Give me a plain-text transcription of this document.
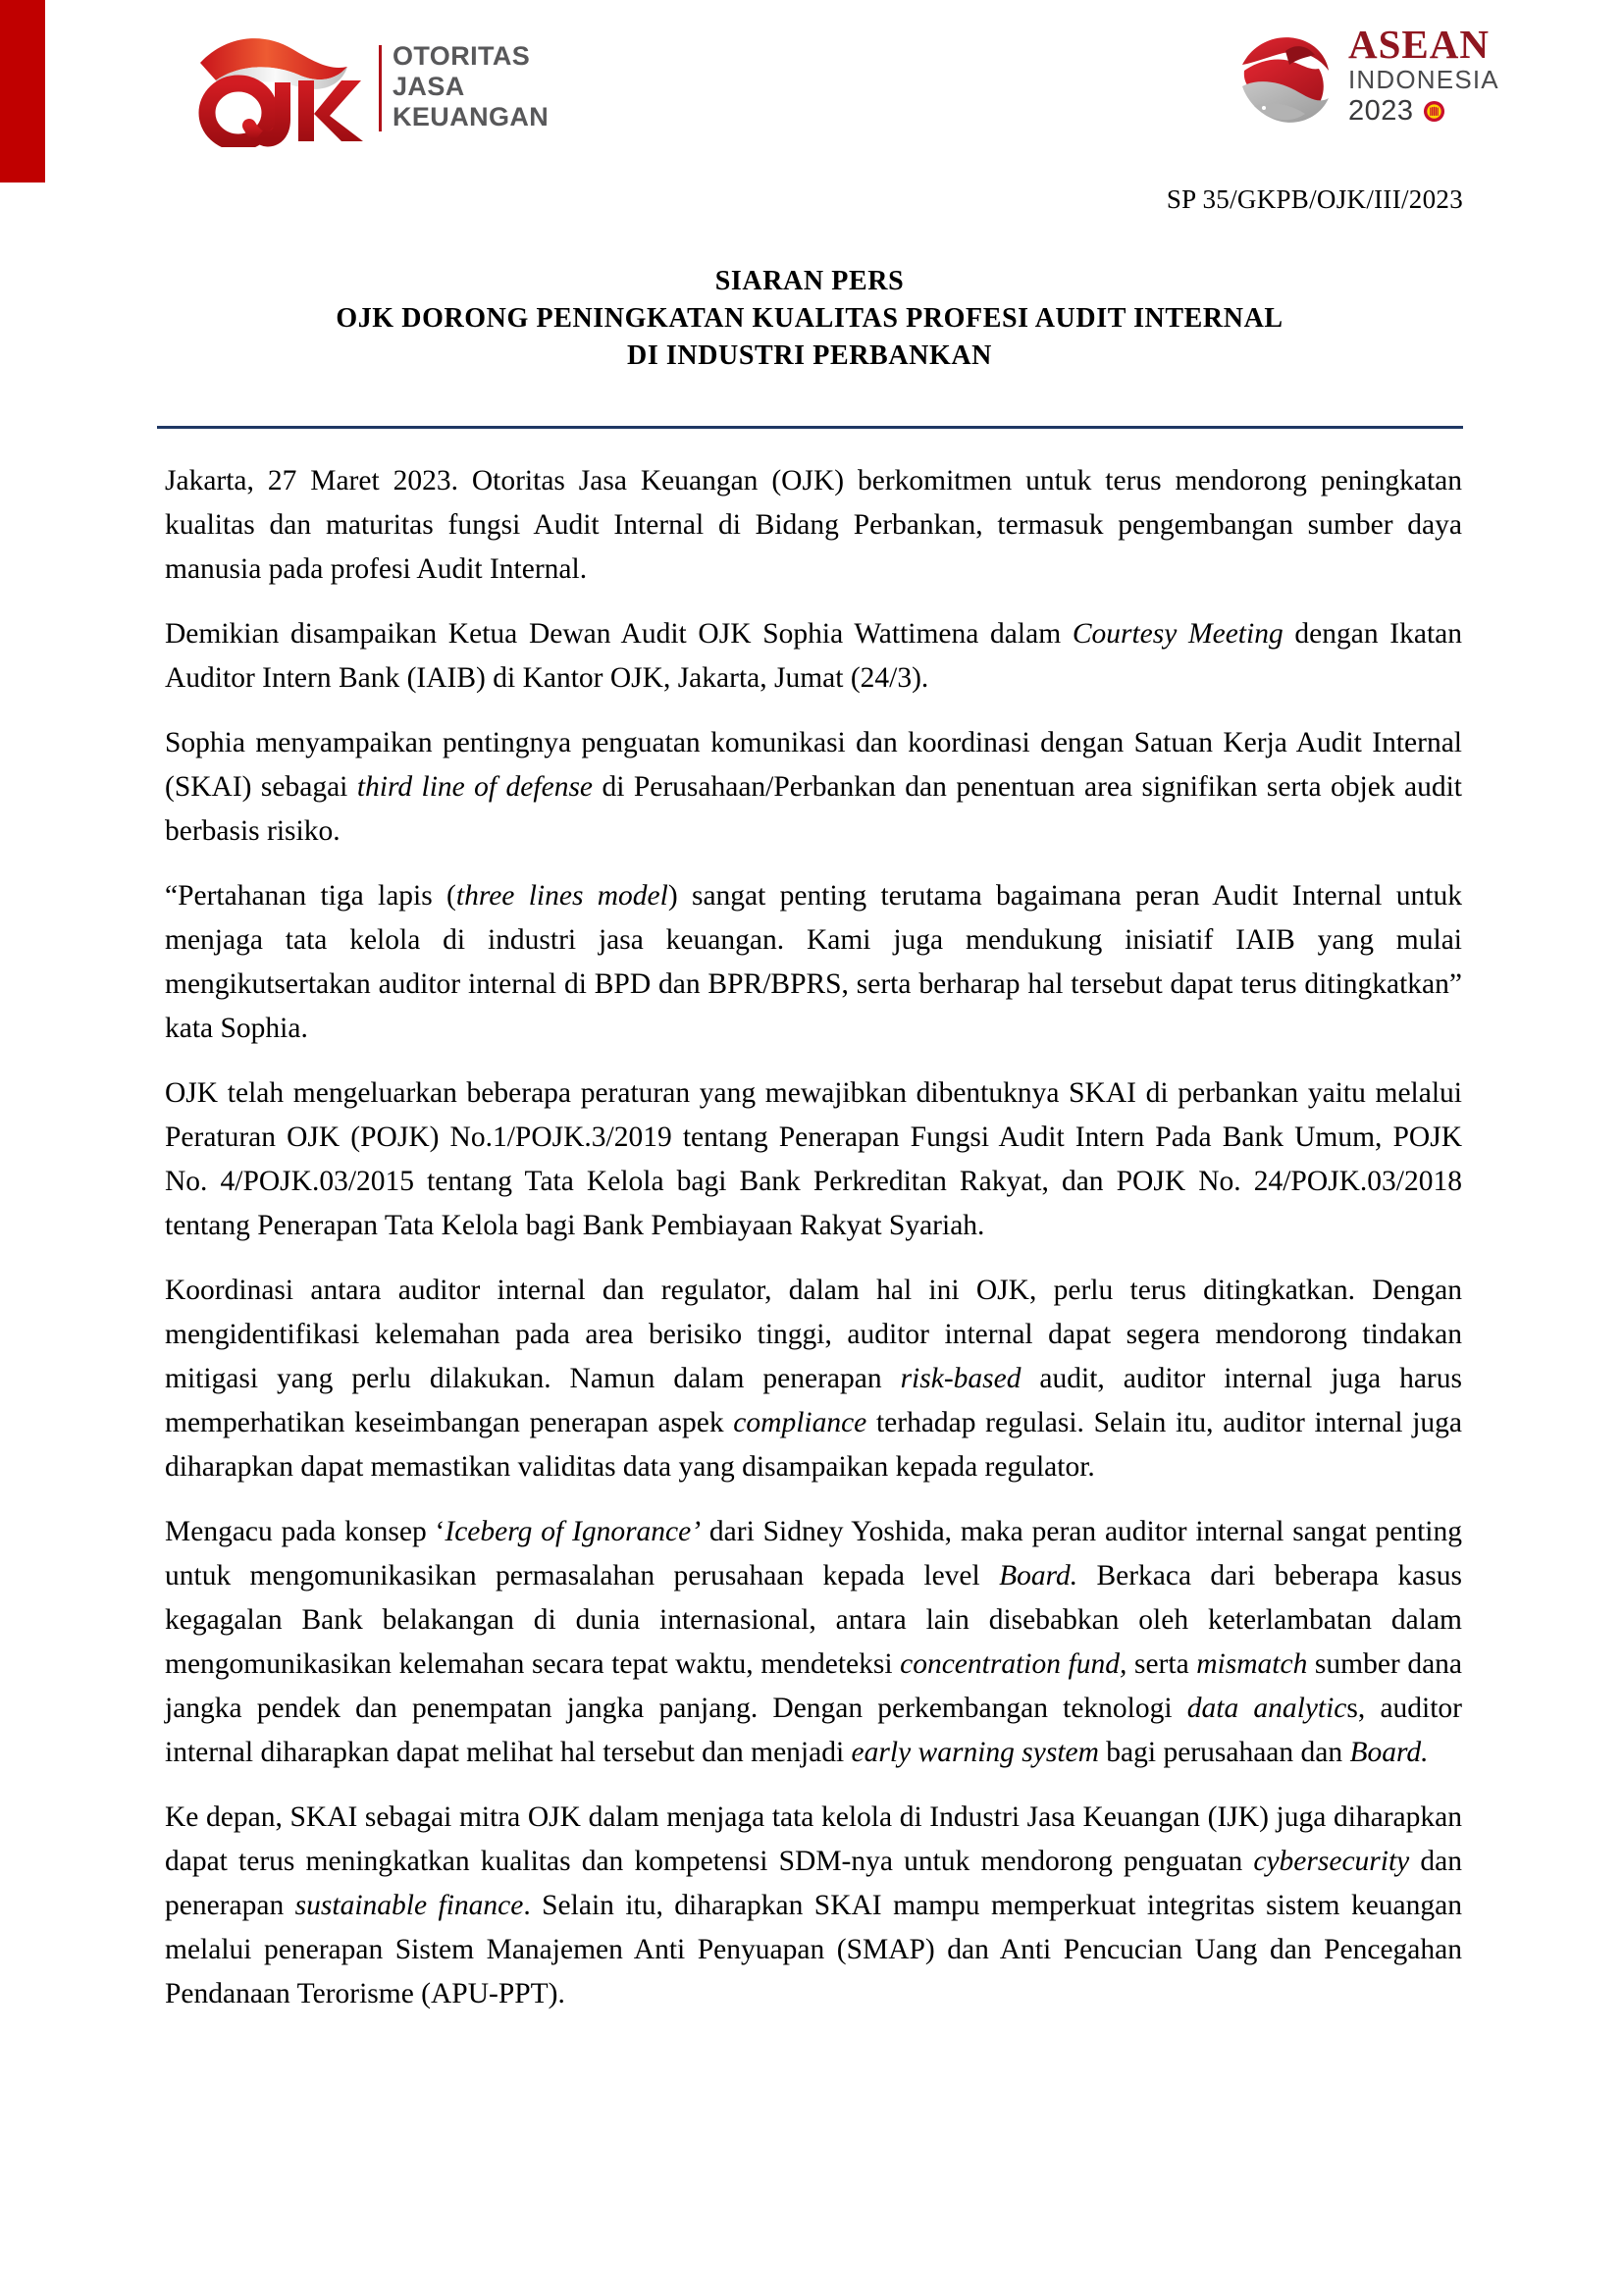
OTORITAS
JASA
KEUANGAN
ASEAN
INDONESIA
2023
SP 35/GKPB/OJK/III/2023
SIARAN PERS
OJK DORONG PENINGKATAN KUALITAS PROFESI AUDIT INTERNAL
DI INDUSTRI PERBANKAN

Jakarta, 27 Maret 2023. Otoritas Jasa Keuangan (OJK) berkomitmen untuk terus mendorong peningkatan kualitas dan maturitas fungsi Audit Internal di Bidang Perbankan, termasuk pengembangan sumber daya manusia pada profesi Audit Internal.

Demikian disampaikan Ketua Dewan Audit OJK Sophia Wattimena dalam Courtesy Meeting dengan Ikatan Auditor Intern Bank (IAIB) di Kantor OJK, Jakarta, Jumat (24/3).

Sophia menyampaikan pentingnya penguatan komunikasi dan koordinasi dengan Satuan Kerja Audit Internal (SKAI) sebagai third line of defense di Perusahaan/Perbankan dan penentuan area signifikan serta objek audit berbasis risiko.

“Pertahanan tiga lapis (three lines model) sangat penting terutama bagaimana peran Audit Internal untuk menjaga tata kelola di industri jasa keuangan. Kami juga mendukung inisiatif IAIB yang mulai mengikutsertakan auditor internal di BPD dan BPR/BPRS, serta berharap hal tersebut dapat terus ditingkatkan” kata Sophia.

OJK telah mengeluarkan beberapa peraturan yang mewajibkan dibentuknya SKAI di perbankan yaitu melalui Peraturan OJK (POJK) No.1/POJK.3/2019 tentang Penerapan Fungsi Audit Intern Pada Bank Umum, POJK No. 4/POJK.03/2015 tentang Tata Kelola bagi Bank Perkreditan Rakyat, dan POJK No. 24/POJK.03/2018 tentang Penerapan Tata Kelola bagi Bank Pembiayaan Rakyat Syariah.

Koordinasi antara auditor internal dan regulator, dalam hal ini OJK, perlu terus ditingkatkan. Dengan mengidentifikasi kelemahan pada area berisiko tinggi, auditor internal dapat segera mendorong tindakan mitigasi yang perlu dilakukan. Namun dalam penerapan risk-based audit, auditor internal juga harus memperhatikan keseimbangan penerapan aspek compliance terhadap regulasi. Selain itu, auditor internal juga diharapkan dapat memastikan validitas data yang disampaikan kepada regulator.

Mengacu pada konsep ‘Iceberg of Ignorance’ dari Sidney Yoshida, maka peran auditor internal sangat penting untuk mengomunikasikan permasalahan perusahaan kepada level Board. Berkaca dari beberapa kasus kegagalan Bank belakangan di dunia internasional, antara lain disebabkan oleh keterlambatan dalam mengomunikasikan kelemahan secara tepat waktu, mendeteksi concentration fund, serta mismatch sumber dana jangka pendek dan penempatan jangka panjang. Dengan perkembangan teknologi data analytics, auditor internal diharapkan dapat melihat hal tersebut dan menjadi early warning system bagi perusahaan dan Board.

Ke depan, SKAI sebagai mitra OJK dalam menjaga tata kelola di Industri Jasa Keuangan (IJK) juga diharapkan dapat terus meningkatkan kualitas dan kompetensi SDM-nya untuk mendorong penguatan cybersecurity dan penerapan sustainable finance. Selain itu, diharapkan SKAI mampu memperkuat integritas sistem keuangan melalui penerapan Sistem Manajemen Anti Penyuapan (SMAP) dan Anti Pencucian Uang dan Pencegahan Pendanaan Terorisme (APU-PPT).
